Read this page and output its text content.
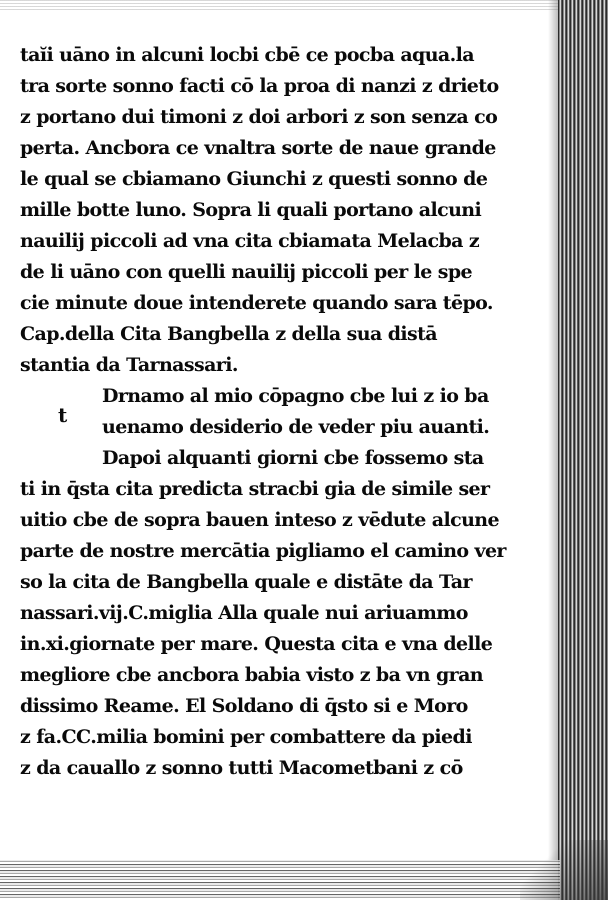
taĭi uāno in alcuni locbi cbē ce pocba aqua.la
tra sorte sonno facti cō la proa di nanzi z drieto
z portano dui timoni z doi arbori z son senza co
perta. Ancbora ce vnaltra sorte de naue grande
le qual se cbiamano Giunchi z questi sonno de
mille botte luno. Sopra li quali portano alcuni
nauilij piccoli ad vna cita cbiamata Melacba z
de li uāno con quelli nauilij piccoli per le spe
cie minute doue intenderete quando sara tēpo.
Cap.della Cita Bangbella z della sua distā
stantia da Tarnassari.
Drnamo al mio cōpagno cbe lui z io ba
uenamo desiderio de veder piu auanti.
Dapoi alquanti giorni cbe fossemo sta
ti in q̄sta cita predicta stracbi gia de simile ser
uitio cbe de sopra bauen inteso z vēdute alcune
parte de nostre mercātia pigliamo el camino ver
so la cita de Bangbella quale e distāte da Tar
nassari.vij.C.miglia Alla quale nui ariuammo
in.xi.giornate per mare. Questa cita e vna delle
megliore cbe ancbora babia visto z ba vn gran
dissimo Reame. El Soldano di q̄sto si e Moro
z fa.CC.milia bomini per combattere da piedi
z da cauallo z sonno tutti Macometbani z cō
t
